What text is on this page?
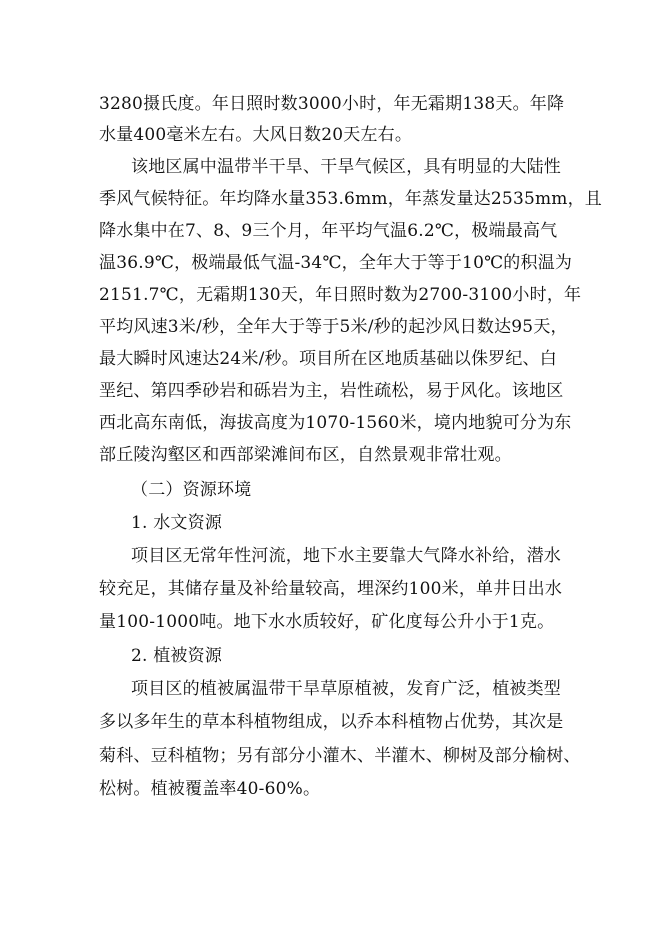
3280摄氏度。年日照时数3000小时，年无霜期138天。年降
水量400毫米左右。大风日数20天左右。
该地区属中温带半干旱、干旱气候区，具有明显的大陆性
季风气候特征。年均降水量353.6mm，年蒸发量达2535mm，且
降水集中在7、8、9三个月，年平均气温6.2℃，极端最高气
温36.9℃，极端最低气温-34℃，全年大于等于10℃的积温为
2151.7℃，无霜期130天，年日照时数为2700-3100小时，年
平均风速3米/秒，全年大于等于5米/秒的起沙风日数达95天，
最大瞬时风速达24米/秒。项目所在区地质基础以侏罗纪、白
垩纪、第四季砂岩和砾岩为主，岩性疏松，易于风化。该地区
西北高东南低，海拔高度为1070-1560米，境内地貌可分为东
部丘陵沟壑区和西部梁滩间布区，自然景观非常壮观。
（二）资源环境
1. 水文资源
项目区无常年性河流，地下水主要靠大气降水补给，潜水
较充足，其储存量及补给量较高，埋深约100米，单井日出水
量100-1000吨。地下水水质较好，矿化度每公升小于1克。
2. 植被资源
项目区的植被属温带干旱草原植被，发育广泛，植被类型
多以多年生的草本科植物组成，以乔本科植物占优势，其次是
菊科、豆科植物；另有部分小灌木、半灌木、柳树及部分榆树、
松树。植被覆盖率40-60%。
